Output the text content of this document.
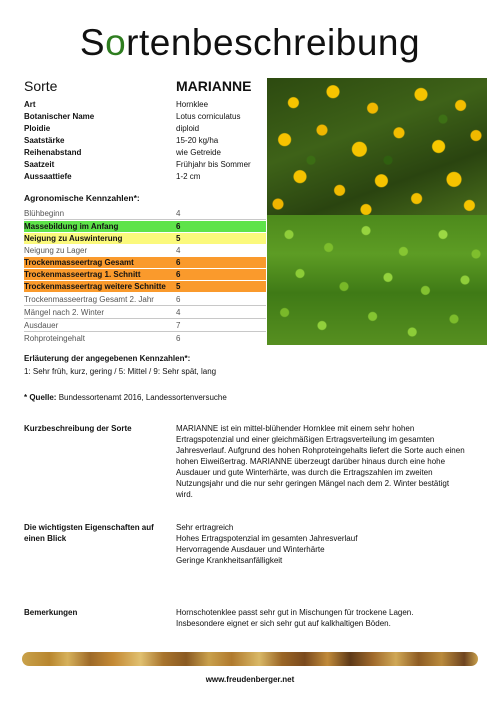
Sortenbeschreibung
Sorte	MARIANNE
Art	Hornklee
Botanischer Name	Lotus corniculatus
Ploidie	diploid
Saatstärke	15-20 kg/ha
Reihenabstand	wie Getreide
Saatzeit	Frühjahr bis Sommer
Aussaattiefe	1-2 cm
Agronomische Kennzahlen*:
Blühbeginn	4
Massebildung im Anfang	6
Neigung zu Auswinterung	5
Neigung zu Lager	4
Trockenmasseertrag Gesamt	6
Trockenmasseertrag 1. Schnitt	6
Trockenmasseertrag weitere Schnitte 5
Trockenmasseertrag Gesamt 2. Jahr	6
Mängel nach 2. Winter	4
Ausdauer	7
Rohproteingehalt	6
Erläuterung der angegebenen Kennzahlen*:
1: Sehr früh, kurz, gering / 5: Mittel / 9: Sehr spät, lang
* Quelle: Bundessortenamt 2016, Landessortenversuche
Kurzbeschreibung der Sorte	MARIANNE ist ein mittel-blühender Hornklee mit einem sehr hohen
Ertragspotenzial und einer gleichmäßigen Ertragsverteilung im gesamten
Jahresverlauf. Aufgrund des hohen Rohproteingehalts liefert die Sorte auch einen
hohen Eiweißertrag. MARIANNE überzeugt darüber hinaus durch eine hohe
Ausdauer und gute Winterhärte, was durch die Ertragszahlen im zweiten
Nutzungsjahr und die nur sehr geringen Mängel nach dem 2. Winter bestätigt
wird.
Die wichtigsten Eigenschaften auf
einen Blick
Sehr ertragreich
Hohes Ertragspotenzial im gesamten Jahresverlauf
Hervorragende Ausdauer und Winterhärte
Geringe Krankheitsanfälligkeit
Bemerkungen	Hornschotenklee passt sehr gut in Mischungen für trockene Lagen.
Insbesondere eignet er sich sehr gut auf kalkhaltigen Böden.
www.freudenberger.net
